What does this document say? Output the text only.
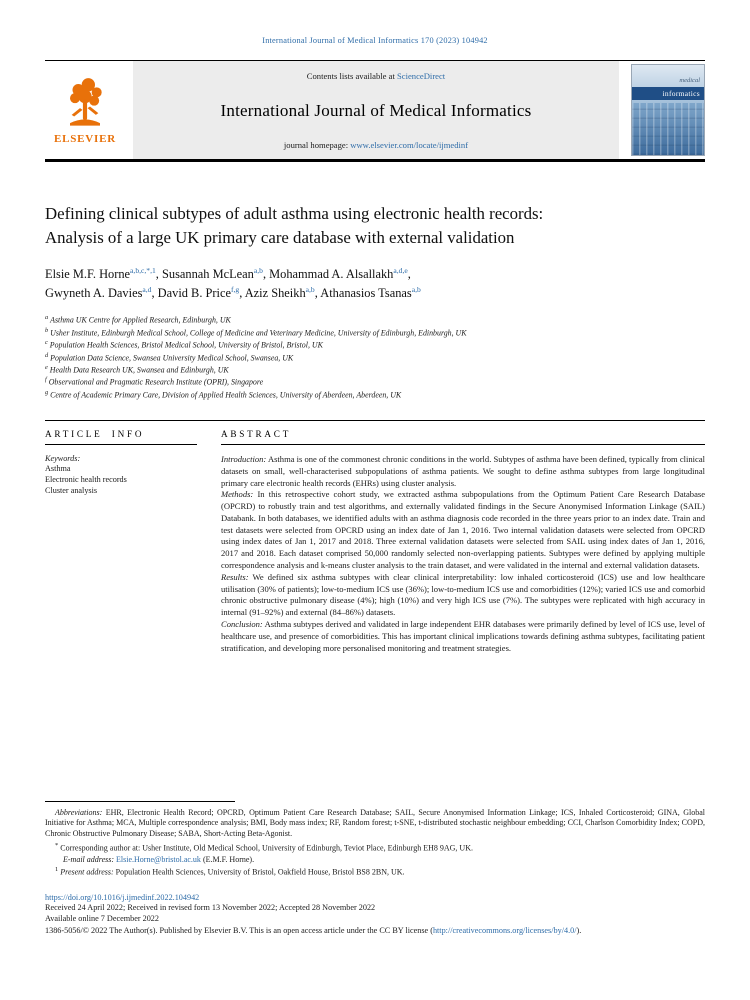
International Journal of Medical Informatics 170 (2023) 104942
ELSEVIER
Contents lists available at ScienceDirect
International Journal of Medical Informatics
journal homepage: www.elsevier.com/locate/ijmedinf
medical
informatics
Defining clinical subtypes of adult asthma using electronic health records:
Analysis of a large UK primary care database with external validation
Elsie M.F. Horne$^{a,b,c,*,1}$, Susannah McLean$^{a,b}$, Mohammad A. Alsallakh$^{a,d,e}$,
Gwyneth A. Davies$^{a,d}$, David B. Price$^{f,g}$, Aziz Sheikh$^{a,b}$, Athanasios Tsanas$^{a,b}$
$^a$ Asthma UK Centre for Applied Research, Edinburgh, UK
$^b$ Usher Institute, Edinburgh Medical School, College of Medicine and Veterinary Medicine, University of Edinburgh, Edinburgh, UK
$^c$ Population Health Sciences, Bristol Medical School, University of Bristol, Bristol, UK
$^d$ Population Data Science, Swansea University Medical School, Swansea, UK
$^e$ Health Data Research UK, Swansea and Edinburgh, UK
$^f$ Observational and Pragmatic Research Institute (OPRI), Singapore
$^g$ Centre of Academic Primary Care, Division of Applied Health Sciences, University of Aberdeen, Aberdeen, UK
ARTICLE INFO
Keywords:
Asthma
Electronic health records
Cluster analysis
ABSTRACT

Introduction: Asthma is one of the commonest chronic conditions in the world. Subtypes of asthma have been defined, typically from clinical datasets on small, well-characterised subpopulations of asthma patients. We sought to define asthma subtypes from large longitudinal primary care electronic health records (EHRs) using cluster analysis.

Methods: In this retrospective cohort study, we extracted asthma subpopulations from the Optimum Patient Care Research Database (OPCRD) to robustly train and test algorithms, and externally validated findings in the Secure Anonymised Information Linkage (SAIL) Databank. In both databases, we identified adults with an asthma diagnosis code recorded in the three years prior to an index date. Train and test datasets were selected from OPCRD using an index date of Jan 1, 2016. Two internal validation datasets were selected from OPCRD using index dates of Jan 1, 2017 and 2018. Three external validation datasets were selected from SAIL using index dates of Jan 1, 2016, 2017 and 2018. Each dataset comprised 50,000 randomly selected non-overlapping patients. Subtypes were defined by applying multiple correspondence analysis and k-means cluster analysis to the train dataset, and were validated in the internal and external validation datasets.

Results: We defined six asthma subtypes with clear clinical interpretability: low inhaled corticosteroid (ICS) use and low healthcare utilisation (30% of patients); low-to-medium ICS use (36%); low-to-medium ICS use and comorbidities (12%); varied ICS use and comorbid chronic obstructive pulmonary disease (4%); high (10%) and very high ICS use (7%). The subtypes were replicated with high accuracy in internal (91–92%) and external (84–86%) datasets.

Conclusion: Asthma subtypes derived and validated in large independent EHR databases were primarily defined by level of ICS use, level of healthcare use, and presence of comorbidities. This has important clinical implications towards defining asthma subtypes, facilitating patient stratification, and developing more personalised monitoring and treatment strategies.

Abbreviations: EHR, Electronic Health Record; OPCRD, Optimum Patient Care Research Database; SAIL, Secure Anonymised Information Linkage; ICS, Inhaled Corticosteroid; GINA, Global Initiative for Asthma; MCA, Multiple correspondence analysis; BMI, Body mass index; RF, Random forest; t-SNE, t-distributed stochastic neighbour embedding; CCI, Charlson Comorbidity Index; COPD, Chronic Obstructive Pulmonary Disease; SABA, Short-Acting Beta-Agonist.

* Corresponding author at: Usher Institute, Old Medical School, University of Edinburgh, Teviot Place, Edinburgh EH8 9AG, UK.

E-mail address: Elsie.Horne@bristol.ac.uk (E.M.F. Horne).

$^1$ Present address: Population Health Sciences, University of Bristol, Oakfield House, Bristol BS8 2BN, UK.

https://doi.org/10.1016/j.ijmedinf.2022.104942
Received 24 April 2022; Received in revised form 13 November 2022; Accepted 28 November 2022
Available online 7 December 2022
1386-5056/© 2022 The Author(s). Published by Elsevier B.V. This is an open access article under the CC BY license (http://creativecommons.org/licenses/by/4.0/).
